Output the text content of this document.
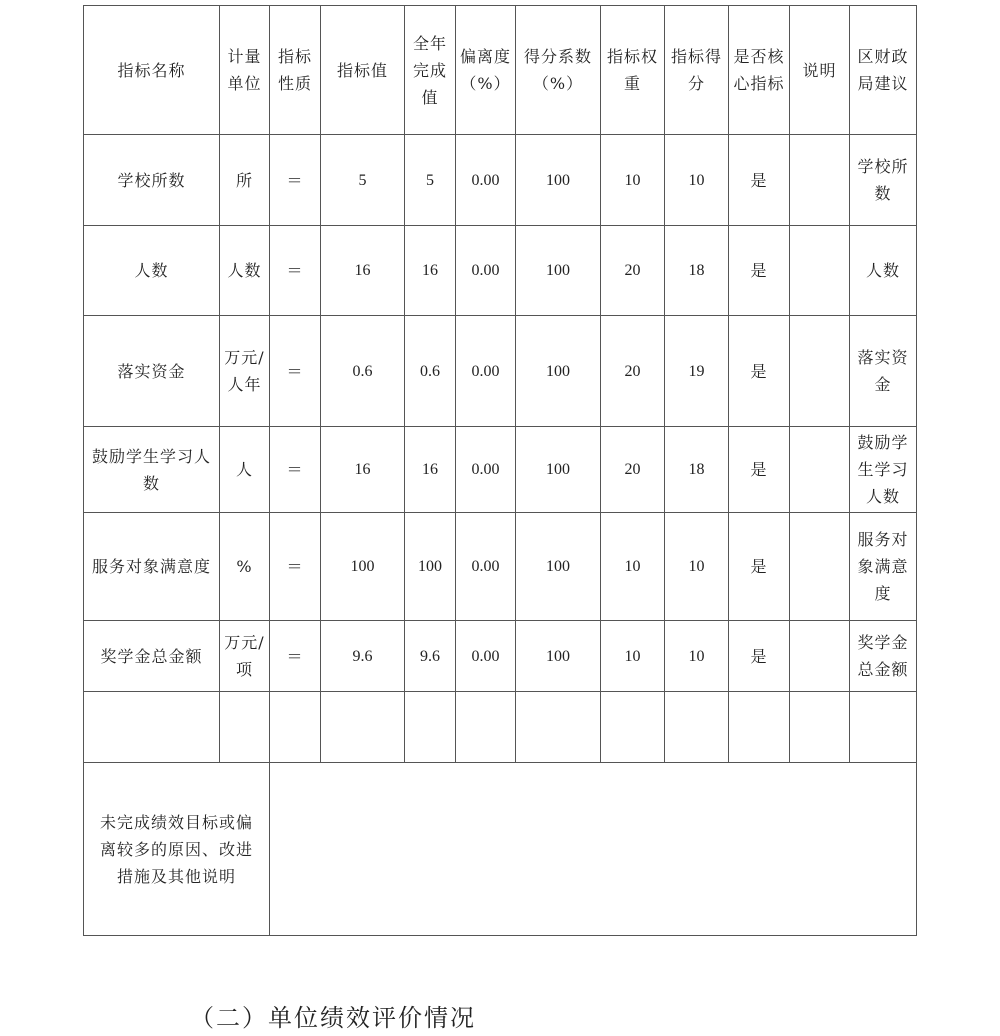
指标名称	计量单位	指标性质	指标值	全年完成值	偏离度（%）	得分系数（%）	指标权重	指标得分	是否核心指标	说明	区财政局建议
学校所数	所	＝	5	5	0.00	100	10	10	是		学校所数
人数	人数	＝	16	16	0.00	100	20	18	是		人数
落实资金	万元/人年	＝	0.6	0.6	0.00	100	20	19	是		落实资金
鼓励学生学习人数	人	＝	16	16	0.00	100	20	18	是		鼓励学生学习人数
服务对象满意度	%	＝	100	100	0.00	100	10	10	是		服务对象满意度
奖学金总金额	万元/项	＝	9.6	9.6	0.00	100	10	10	是		奖学金总金额

未完成绩效目标或偏离较多的原因、改进措施及其他说明											

（二）单位绩效评价情况
